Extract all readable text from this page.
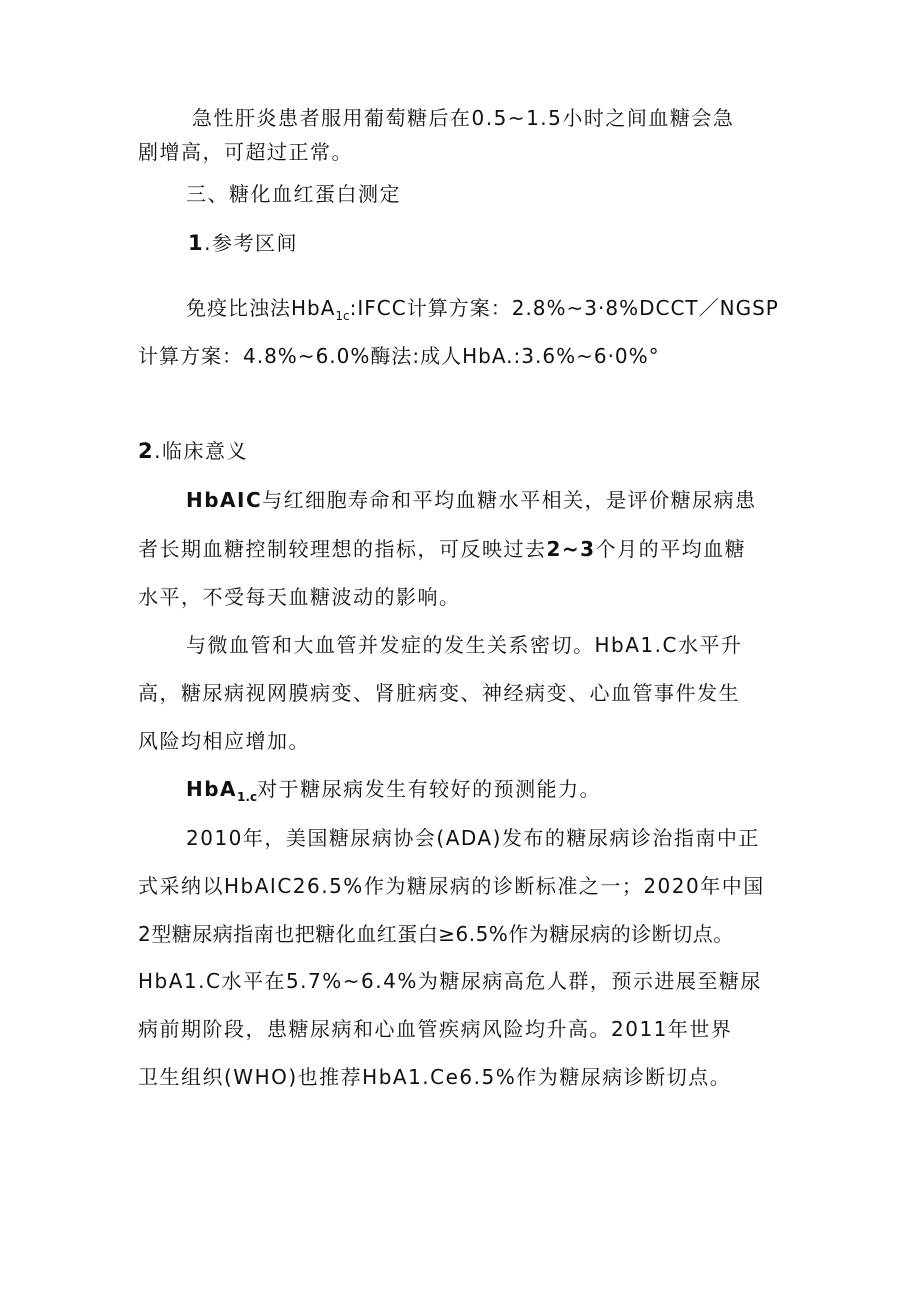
急性肝炎患者服用葡萄糖后在0.5~1.5小时之间血糖会急
剧增高，可超过正常。
三、糖化血红蛋白测定
1.参考区间
免疫比浊法HbA$_{1c}$:IFCC计算方案：2.8%~3·8%DCCT／NGSP
计算方案：4.8%~6.0%酶法:成人HbA.:3.6%~6·0%°
2.临床意义
HbAIC与红细胞寿命和平均血糖水平相关，是评价糖尿病患
者长期血糖控制较理想的指标，可反映过去2~3个月的平均血糖
水平，不受每天血糖波动的影响。
与微血管和大血管并发症的发生关系密切。HbA1.C水平升
高，糖尿病视网膜病变、肾脏病变、神经病变、心血管事件发生
风险均相应增加。
HbA$_{1.c}$对于糖尿病发生有较好的预测能力。
2010年，美国糖尿病协会(ADA)发布的糖尿病诊治指南中正
式采纳以HbAIC26.5%作为糖尿病的诊断标准之一；2020年中国
2型糖尿病指南也把糖化血红蛋白≥6.5%作为糖尿病的诊断切点。
HbA1.C水平在5.7%~6.4%为糖尿病高危人群，预示进展至糖尿
病前期阶段，患糖尿病和心血管疾病风险均升高。2011年世界
卫生组织(WHO)也推荐HbA1.Ce6.5%作为糖尿病诊断切点。
